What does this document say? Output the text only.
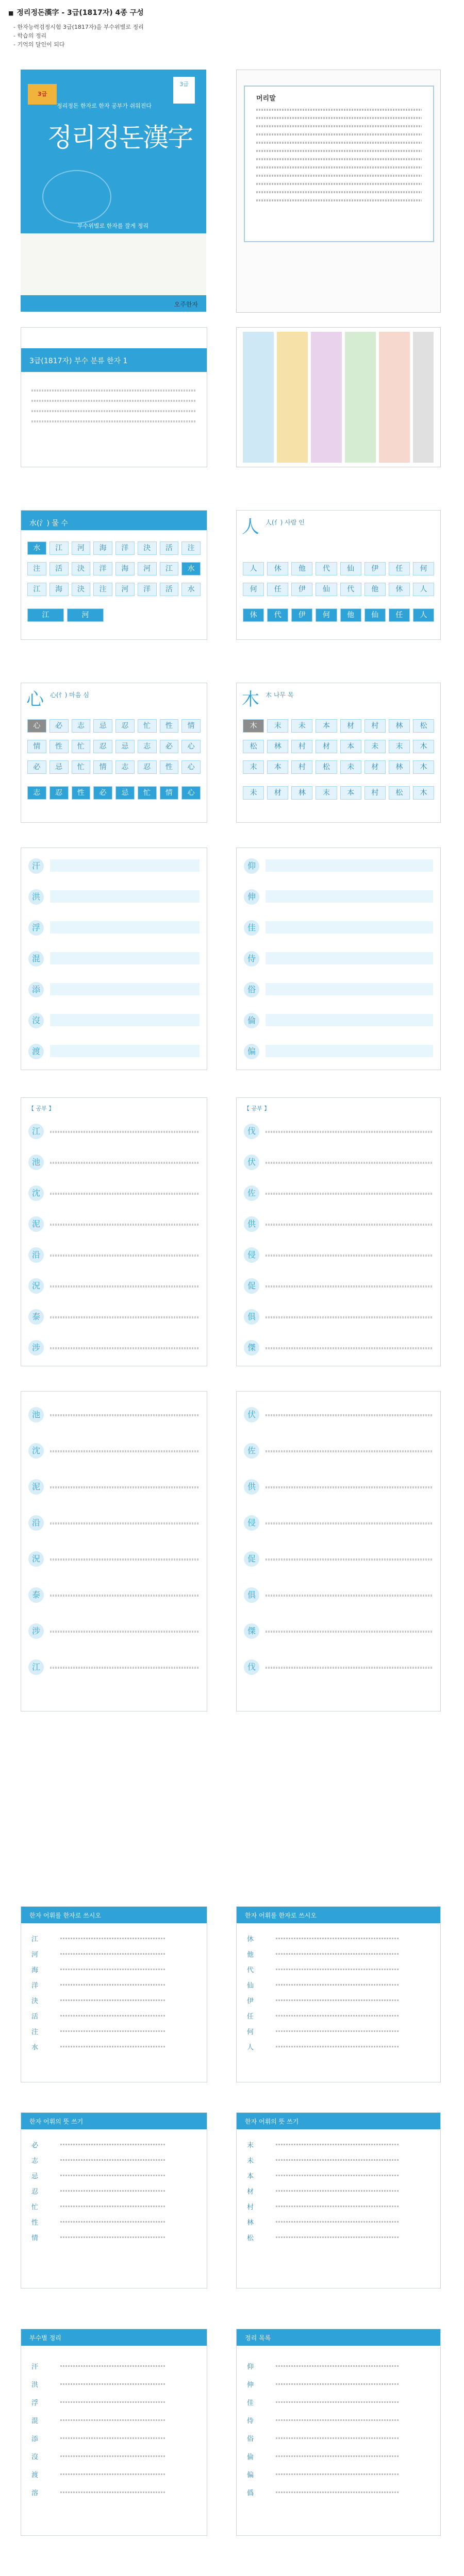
■ 정리정돈漢字 - 3급(1817자) 4종 구성
- 한자능력검정시험 3급(1817자)을 부수위별로 정리
- 학습의 정리
- 기억의 달인이 되다
3급
3급
정리정돈 한자로 한자 공부가 쉬워진다
정리정돈漢字
부수위별로 한자를 잘게 정리
오주한자
머리말
3급(1817자) 부수 분류 한자 1
水(氵) 물 수
水	江	河	海	洋	決	活	注
注	活	決	洋	海	河	江	水
江	海	決	注	河	洋	活	水
江	河
人 人(亻) 사람 인
人	休	他	代	仙	伊	任	何
何	任	伊	仙	代	他	休	人
休	代	伊	何	他	仙	任	人
心 心(忄) 마음 심
心	必	志	忌	忍	忙	性	情
情	性	忙	忍	忌	志	必	心
必	忌	忙	情	志	忍	性	心
志	忍	性	必	忌	忙	情	心
木 木 나무 목
木	末	未	本	材	村	林	松
松	林	村	材	本	未	末	木
末	本	村	松	未	材	林	木
未	材	林	末	本	村	松	木
汗
洪
浮
混
添
沒
渡
仰
伸
佳
侍
俗
倫
偏
【 공부 】
江
池
沈
泥
沿
況
泰
涉
【 공부 】
伐
伏
佐
供
侵
促
俱
傑
池
沈
泥
沿
況
泰
涉
江
伏
佐
供
侵
促
俱
傑
伐
한자 어휘를 한자로 쓰시오
江
河
海
洋
決
活
注
水
한자 어휘를 한자로 쓰시오
休
他
代
仙
伊
任
何
人
한자 어휘의 뜻 쓰기
必
志
忌
忍
忙
性
情
한자 어휘의 뜻 쓰기
末
未
本
材
村
林
松
부수별 정리
汗
洪
浮
混
添
沒
渡
溶
정리 목록
仰
伸
佳
侍
俗
倫
偏
僞
